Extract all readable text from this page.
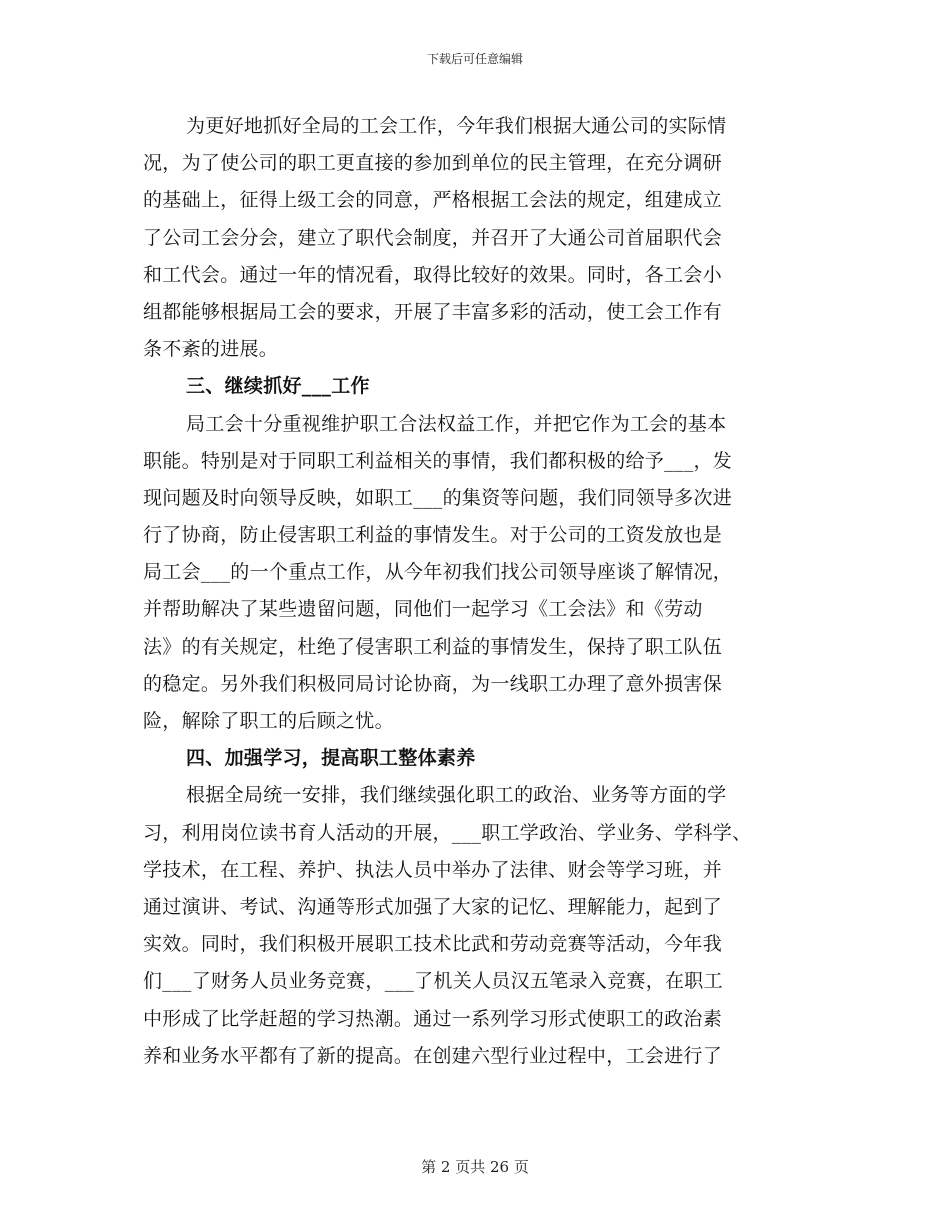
下载后可任意编辑
为更好地抓好全局的工会工作，今年我们根据大通公司的实际情
况，为了使公司的职工更直接的参加到单位的民主管理，在充分调研
的基础上，征得上级工会的同意，严格根据工会法的规定，组建成立
了公司工会分会，建立了职代会制度，并召开了大通公司首届职代会
和工代会。通过一年的情况看，取得比较好的效果。同时，各工会小
组都能够根据局工会的要求，开展了丰富多彩的活动，使工会工作有
条不紊的进展。
三、继续抓好___工作
局工会十分重视维护职工合法权益工作，并把它作为工会的基本
职能。特别是对于同职工利益相关的事情，我们都积极的给予___，发
现问题及时向领导反映，如职工___的集资等问题，我们同领导多次进
行了协商，防止侵害职工利益的事情发生。对于公司的工资发放也是
局工会___的一个重点工作，从今年初我们找公司领导座谈了解情况，
并帮助解决了某些遗留问题，同他们一起学习《工会法》和《劳动
法》的有关规定，杜绝了侵害职工利益的事情发生，保持了职工队伍
的稳定。另外我们积极同局讨论协商，为一线职工办理了意外损害保
险，解除了职工的后顾之忧。
四、加强学习，提高职工整体素养
根据全局统一安排，我们继续强化职工的政治、业务等方面的学
习，利用岗位读书育人活动的开展，___职工学政治、学业务、学科学、
学技术，在工程、养护、执法人员中举办了法律、财会等学习班，并
通过演讲、考试、沟通等形式加强了大家的记忆、理解能力，起到了
实效。同时，我们积极开展职工技术比武和劳动竞赛等活动，今年我
们___了财务人员业务竞赛，___了机关人员汉五笔录入竞赛，在职工
中形成了比学赶超的学习热潮。通过一系列学习形式使职工的政治素
养和业务水平都有了新的提高。在创建六型行业过程中，工会进行了
第 2 页共 26 页
